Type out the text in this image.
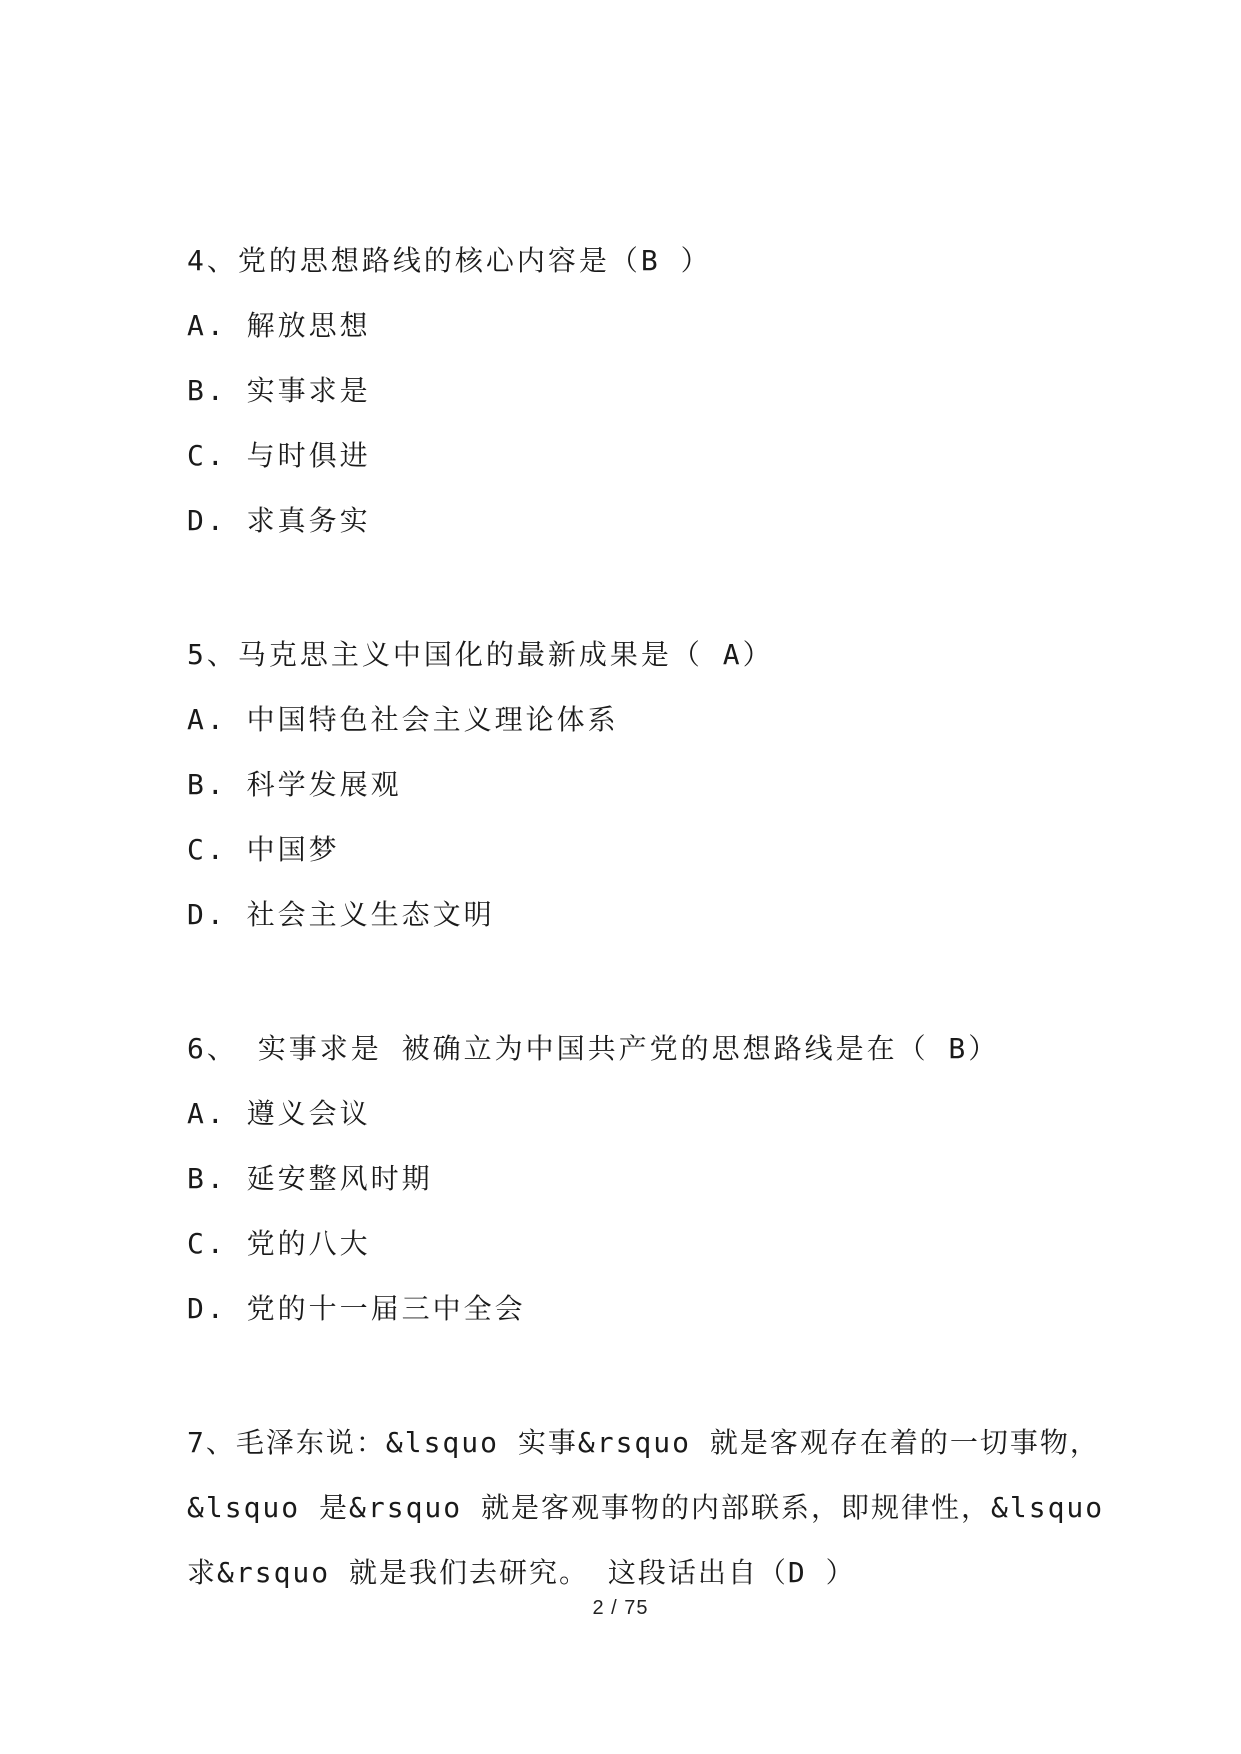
4、党的思想路线的核心内容是（B ）
A. 解放思想
B. 实事求是
C. 与时俱进
D. 求真务实
5、马克思主义中国化的最新成果是（ A）
A. 中国特色社会主义理论体系
B. 科学发展观
C. 中国梦
D. 社会主义生态文明
6、 实事求是 被确立为中国共产党的思想路线是在（ B）
A. 遵义会议
B. 延安整风时期
C. 党的八大
D. 党的十一届三中全会
7、毛泽东说：&lsquo 实事&rsquo 就是客观存在着的一切事物，
&lsquo 是&rsquo 就是客观事物的内部联系，即规律性，&lsquo
求&rsquo 就是我们去研究。 这段话出自（D ）
2 / 75
